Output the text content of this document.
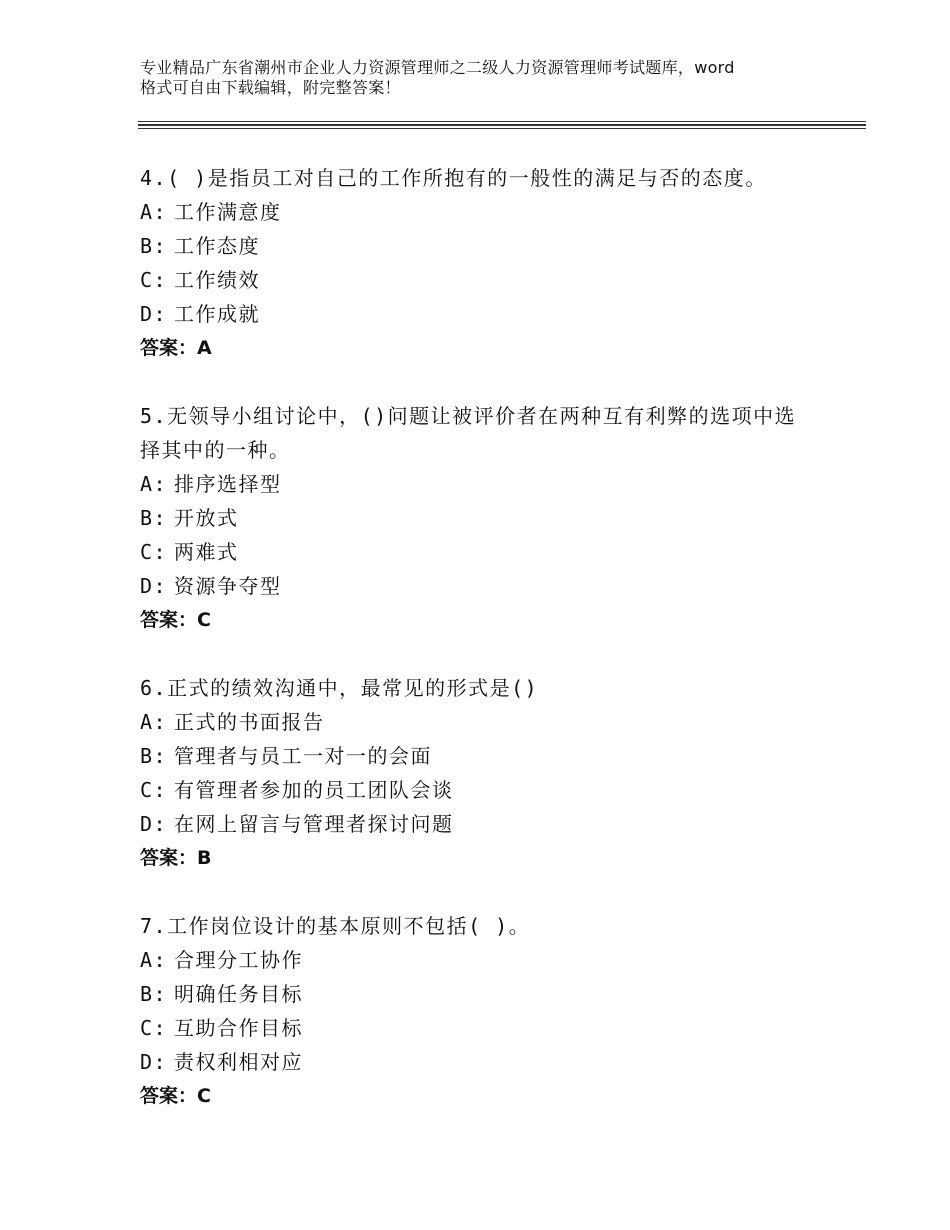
专业精品广东省潮州市企业人力资源管理师之二级人力资源管理师考试题库，word
格式可自由下载编辑，附完整答案！
4.( )是指员工对自己的工作所抱有的一般性的满足与否的态度。
A: 工作满意度
B: 工作态度
C: 工作绩效
D: 工作成就
答案：A
5.无领导小组讨论中，()问题让被评价者在两种互有利弊的选项中选
择其中的一种。
A: 排序选择型
B: 开放式
C: 两难式
D: 资源争夺型
答案：C
6.正式的绩效沟通中，最常见的形式是()
A: 正式的书面报告
B: 管理者与员工一对一的会面
C: 有管理者参加的员工团队会谈
D: 在网上留言与管理者探讨问题
答案：B
7.工作岗位设计的基本原则不包括( )。
A: 合理分工协作
B: 明确任务目标
C: 互助合作目标
D: 责权利相对应
答案：C
